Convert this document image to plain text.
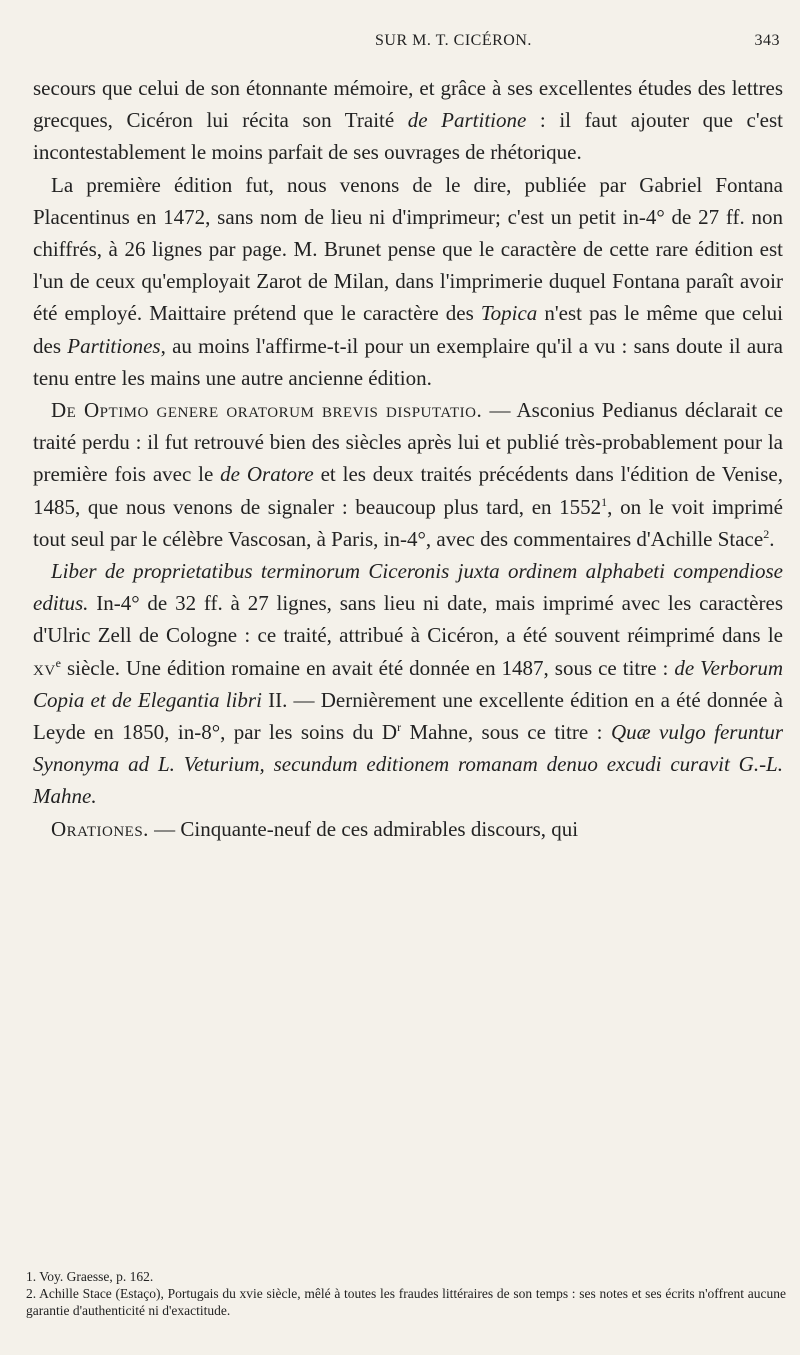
SUR M. T. CICÉRON.	343

secours que celui de son étonnante mémoire, et grâce à ses excellentes études des lettres grecques, Cicéron lui récita son Traité de Partitione : il faut ajouter que c'est incontestablement le moins parfait de ses ouvrages de rhétorique.

La première édition fut, nous venons de le dire, publiée par Gabriel Fontana Placentinus en 1472, sans nom de lieu ni d'imprimeur; c'est un petit in-4° de 27 ff. non chiffrés, à 26 lignes par page. M. Brunet pense que le caractère de cette rare édition est l'un de ceux qu'employait Zarot de Milan, dans l'imprimerie duquel Fontana paraît avoir été employé. Maittaire prétend que le caractère des Topica n'est pas le même que celui des Partitiones, au moins l'affirme-t-il pour un exemplaire qu'il a vu : sans doute il aura tenu entre les mains une autre ancienne édition.

De Optimo genere oratorum brevis disputatio. — Asconius Pedianus déclarait ce traité perdu : il fut retrouvé bien des siècles après lui et publié très-probablement pour la première fois avec le de Oratore et les deux traités précédents dans l'édition de Venise, 1485, que nous venons de signaler : beaucoup plus tard, en 1552$^1$, on le voit imprimé tout seul par le célèbre Vascosan, à Paris, in-4°, avec des commentaires d'Achille Stace$^2$.

Liber de proprietatibus terminorum Ciceronis juxta ordinem alphabeti compendiose editus. In-4° de 32 ff. à 27 lignes, sans lieu ni date, mais imprimé avec les caractères d'Ulric Zell de Cologne : ce traité, attribué à Cicéron, a été souvent réimprimé dans le $xv^e$ siècle. Une édition romaine en avait été donnée en 1487, sous ce titre : de Verborum Copia et de Elegantia libri II. — Dernièrement une excellente édition en a été donnée à Leyde en 1850, in-8°, par les soins du $D^r$ Mahne, sous ce titre : Quæ vulgo feruntur Synonyma ad L. Veturium, secundum editionem romanam denuo excudi curavit G.-L. Mahne.

Orationes. — Cinquante-neuf de ces admirables discours, qui

1. Voy. Graesse, p. 162.

2. Achille Stace (Estaço), Portugais du xvie siècle, mêlé à toutes les fraudes littéraires de son temps : ses notes et ses écrits n'offrent aucune garantie d'authenticité ni d'exactitude.
